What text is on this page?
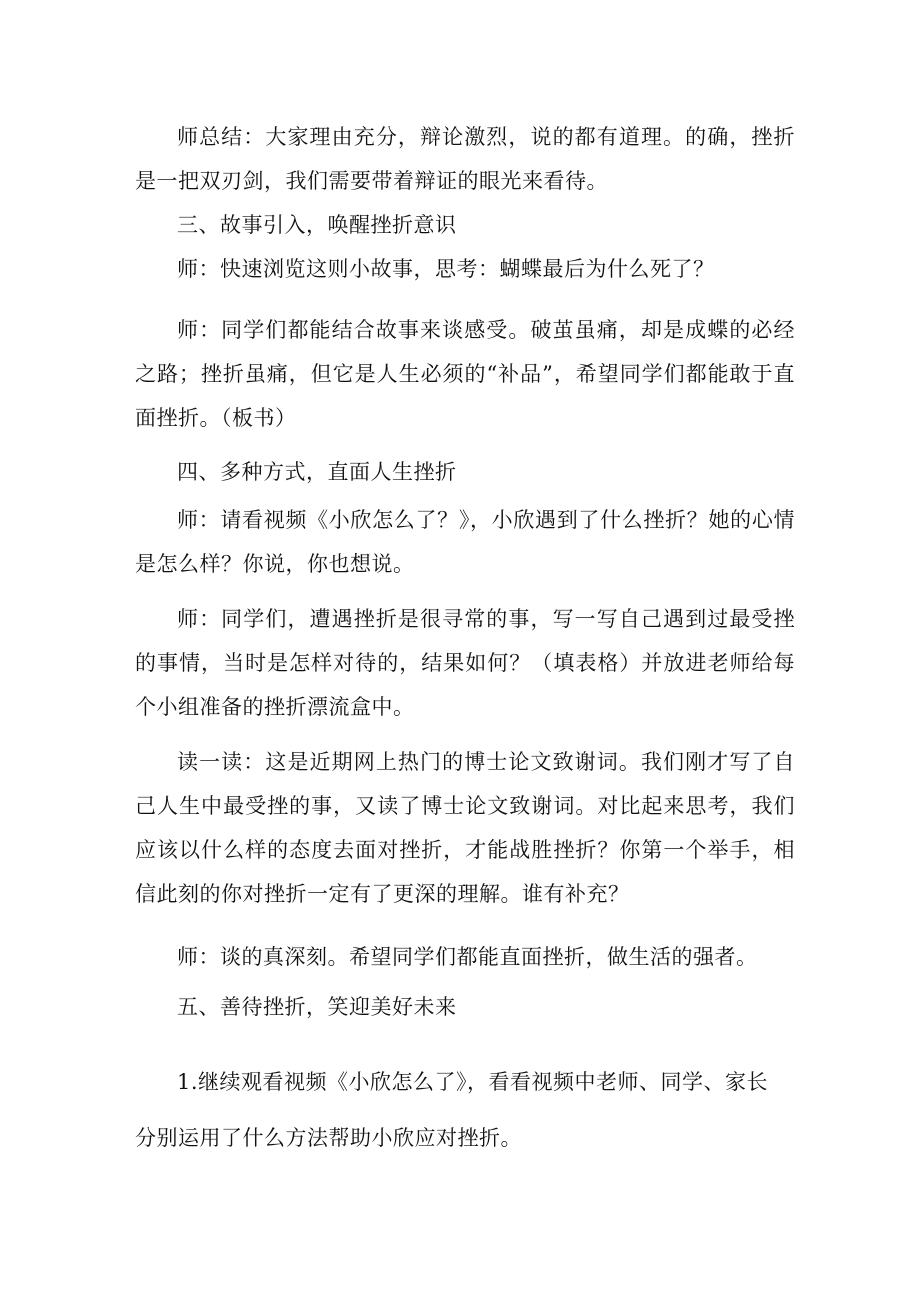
师总结：大家理由充分，辩论激烈，说的都有道理。的确，挫折是一把双刃剑，我们需要带着辩证的眼光来看待。

三、故事引入，唤醒挫折意识

师：快速浏览这则小故事，思考：蝴蝶最后为什么死了？

师：同学们都能结合故事来谈感受。破茧虽痛，却是成蝶的必经之路；挫折虽痛，但它是人生必须的“补品”，希望同学们都能敢于直面挫折。（板书）

四、多种方式，直面人生挫折

师：请看视频《小欣怎么了？》，小欣遇到了什么挫折？她的心情是怎么样？你说，你也想说。

师：同学们，遭遇挫折是很寻常的事，写一写自己遇到过最受挫的事情，当时是怎样对待的，结果如何？（填表格）并放进老师给每个小组准备的挫折漂流盒中。

读一读：这是近期网上热门的博士论文致谢词。我们刚才写了自己人生中最受挫的事，又读了博士论文致谢词。对比起来思考，我们应该以什么样的态度去面对挫折，才能战胜挫折？你第一个举手，相信此刻的你对挫折一定有了更深的理解。谁有补充？

师：谈的真深刻。希望同学们都能直面挫折，做生活的强者。

五、善待挫折，笑迎美好未来

1.继续观看视频《小欣怎么了》，看看视频中老师、同学、家长

分别运用了什么方法帮助小欣应对挫折。
